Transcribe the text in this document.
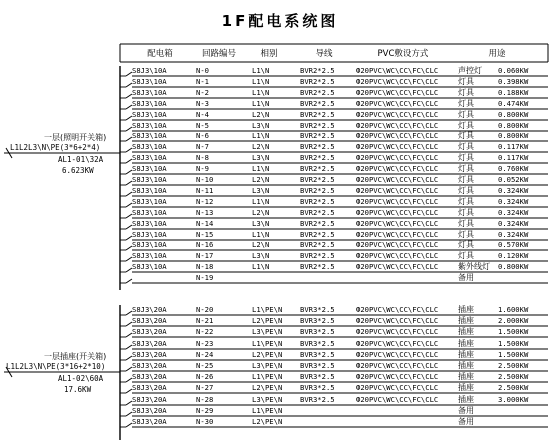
1F配电系统图
配电箱	回路编号	相别	导线	PVC敷设方式	用途
一层(照明开关箱)
L1L2L3\N\PE(3*6+2*4)
AL1-01\32A
6.623KW
一层插座(开关箱)
L1L2L3\N\PE(3*16+2*10)
AL1-02\60A
17.6KW
S8J3\10A	N-0	L1\N	BVR2*2.5	Ф20PVC\WC\CC\FC\CLC 声控灯 0.060KW
S8J3\10A	N-1	L1\N	BVR2*2.5	Ф20PVC\WC\CC\FC\CLC 灯具	0.398KW
S8J3\10A	N-2	L1\N	BVR2*2.5	Ф20PVC\WC\CC\FC\CLC 灯具	0.188KW
S8J3\10A	N-3	L1\N	BVR2*2.5	Ф20PVC\WC\CC\FC\CLC 灯具	0.474KW
S8J3\10A	N-4	L2\N	BVR2*2.5	Ф20PVC\WC\CC\FC\CLC 灯具	0.800KW
S8J3\10A	N-5	L3\N	BVR2*2.5	Ф20PVC\WC\CC\FC\CLC 灯具	0.800KW
S8J3\10A	N-6	L1\N	BVR2*2.5	Ф20PVC\WC\CC\FC\CLC 灯具	0.800KW
S8J3\10A	N-7	L2\N	BVR2*2.5	Ф20PVC\WC\CC\FC\CLC 灯具	0.117KW
S8J3\10A	N-8	L3\N	BVR2*2.5	Ф20PVC\WC\CC\FC\CLC 灯具	0.117KW
S8J3\10A	N-9	L1\N	BVR2*2.5	Ф20PVC\WC\CC\FC\CLC 灯具	0.760KW
S8J3\10A	N-10	L2\N	BVR2*2.5	Ф20PVC\WC\CC\FC\CLC 灯具	0.052KW
S8J3\10A	N-11	L3\N	BVR2*2.5	Ф20PVC\WC\CC\FC\CLC 灯具	0.324KW
S8J3\10A	N-12	L1\N	BVR2*2.5	Ф20PVC\WC\CC\FC\CLC 灯具	0.324KW
S8J3\10A	N-13	L2\N	BVR2*2.5	Ф20PVC\WC\CC\FC\CLC 灯具	0.324KW
S8J3\10A	N-14	L3\N	BVR2*2.5	Ф20PVC\WC\CC\FC\CLC 灯具	0.324KW
S8J3\10A	N-15	L1\N	BVR2*2.5	Ф20PVC\WC\CC\FC\CLC 灯具	0.324KW
S8J3\10A	N-16	L2\N	BVR2*2.5	Ф20PVC\WC\CC\FC\CLC 灯具	0.570KW
S8J3\10A	N-17	L3\N	BVR2*2.5	Ф20PVC\WC\CC\FC\CLC 灯具	0.120KW
S8J3\10A	N-18	L1\N	BVR2*2.5	Ф20PVC\WC\CC\FC\CLC 紫外线灯 0.800KW
N-19	备用
S8J3\20A	N-20	L1\PE\N BVR3*2.5	Ф20PVC\WC\CC\FC\CLC 插座	1.600KW
S8J3\20A	N-21	L2\PE\N BVR3*2.5	Ф20PVC\WC\CC\FC\CLC 插座	2.000KW
S8J3\20A	N-22	L3\PE\N BVR3*2.5	Ф20PVC\WC\CC\FC\CLC 插座	1.500KW
S8J3\20A	N-23	L1\PE\N BVR3*2.5	Ф20PVC\WC\CC\FC\CLC 插座	1.500KW
S8J3\20A	N-24	L2\PE\N BVR3*2.5	Ф20PVC\WC\CC\FC\CLC 插座	1.500KW
S8J3\20A	N-25	L3\PE\N BVR3*2.5	Ф20PVC\WC\CC\FC\CLC 插座	2.500KW
S8J3\20A	N-26	L1\PE\N BVR3*2.5	Ф20PVC\WC\CC\FC\CLC 插座	2.500KW
S8J3\20A	N-27	L2\PE\N BVR3*2.5	Ф20PVC\WC\CC\FC\CLC 插座	2.500KW
S8J3\20A	N-28	L3\PE\N BVR3*2.5	Ф20PVC\WC\CC\FC\CLC 插座	3.000KW
S8J3\20A	N-29	L1\PE\N	备用
S8J3\20A	N-30	L2\PE\N	备用
